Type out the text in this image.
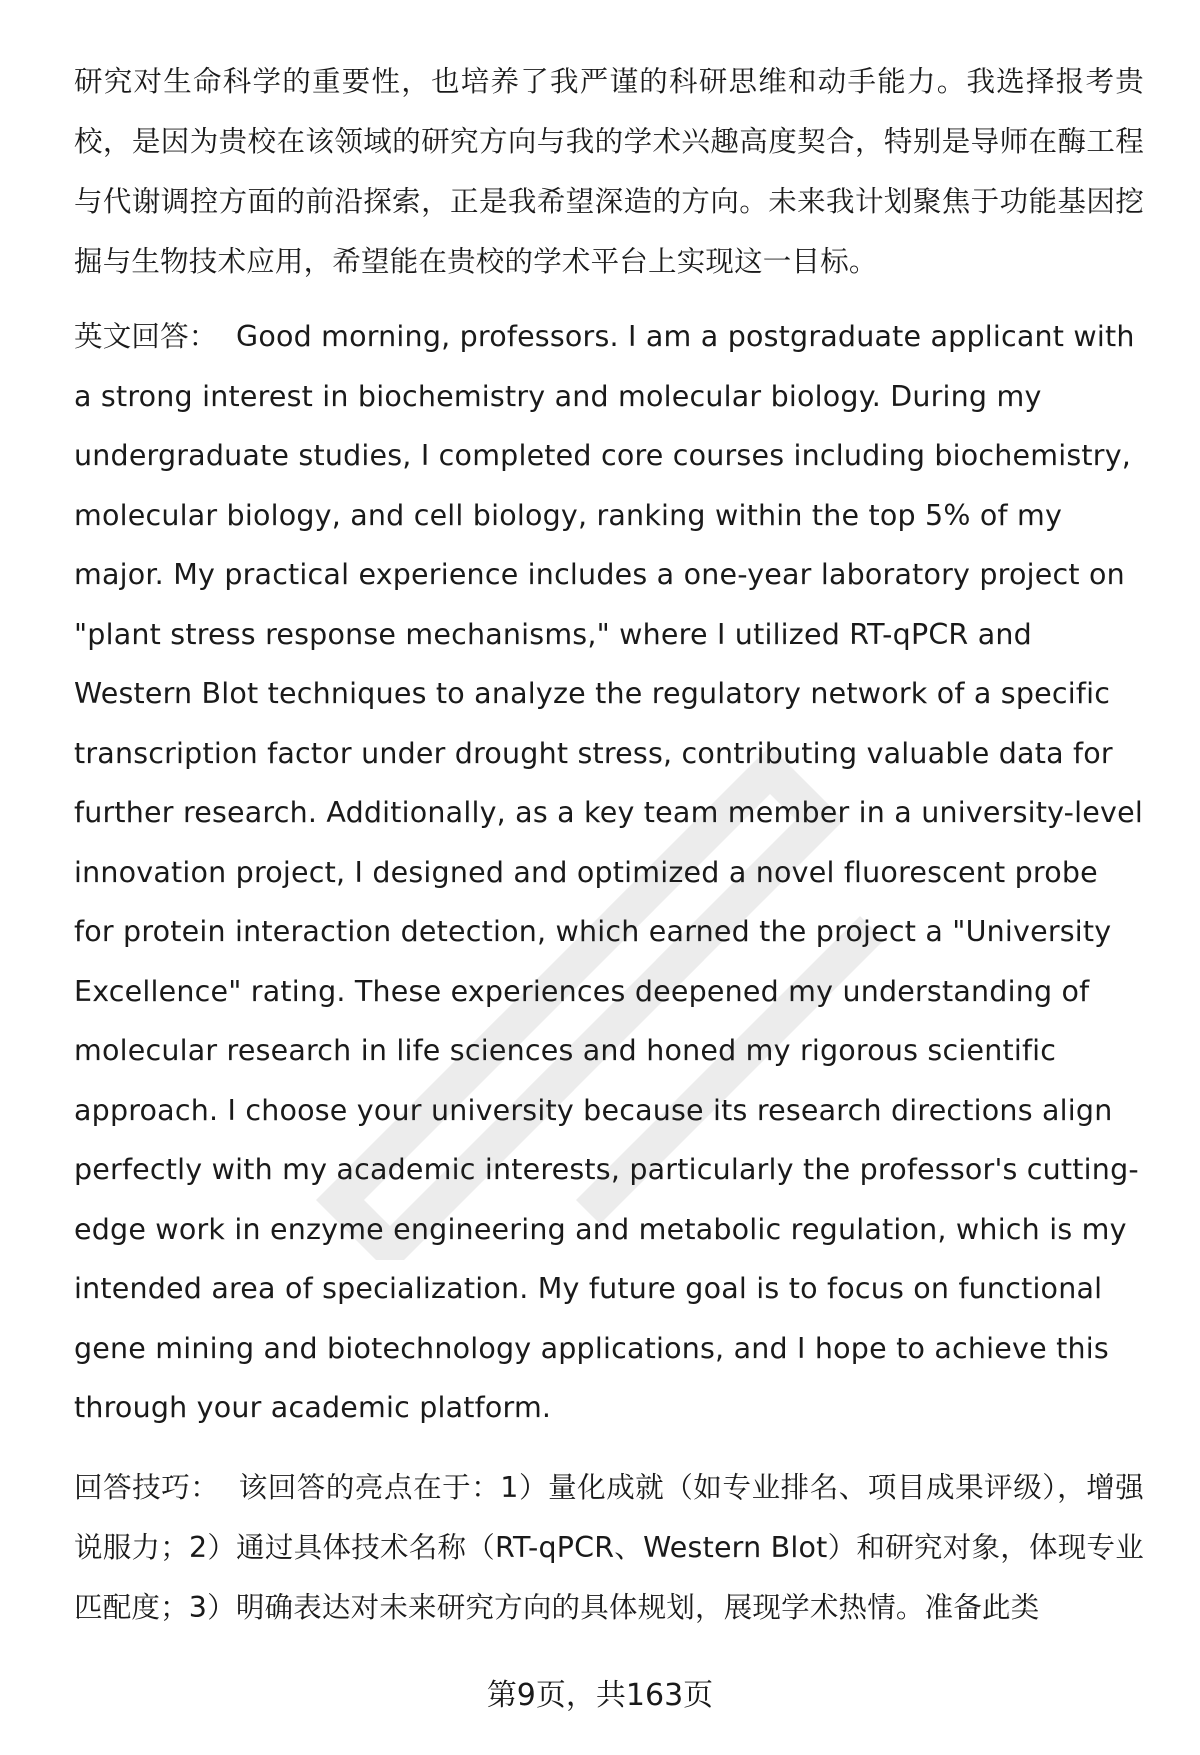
研究对生命科学的重要性，也培养了我严谨的科研思维和动手能力。我选择报考贵校，是因为贵校在该领域的研究方向与我的学术兴趣高度契合，特别是导师在酶工程与代谢调控方面的前沿探索，正是我希望深造的方向。未来我计划聚焦于功能基因挖掘与生物技术应用，希望能在贵校的学术平台上实现这一目标。

英文回答： Good morning, professors. I am a postgraduate applicant with a strong interest in biochemistry and molecular biology. During my undergraduate studies, I completed core courses including biochemistry, molecular biology, and cell biology, ranking within the top 5% of my major. My practical experience includes a one-year laboratory project on "plant stress response mechanisms," where I utilized RT-qPCR and Western Blot techniques to analyze the regulatory network of a specific transcription factor under drought stress, contributing valuable data for further research. Additionally, as a key team member in a university-level innovation project, I designed and optimized a novel fluorescent probe for protein interaction detection, which earned the project a "University Excellence" rating. These experiences deepened my understanding of molecular research in life sciences and honed my rigorous scientific approach. I choose your university because its research directions align perfectly with my academic interests, particularly the professor's cutting-edge work in enzyme engineering and metabolic regulation, which is my intended area of specialization. My future goal is to focus on functional gene mining and biotechnology applications, and I hope to achieve this through your academic platform.

回答技巧： 该回答的亮点在于：1）量化成就（如专业排名、项目成果评级），增强说服力；2）通过具体技术名称（RT-qPCR、Western Blot）和研究对象，体现专业匹配度；3）明确表达对未来研究方向的具体规划，展现学术热情。准备此类

第9页，共163页
